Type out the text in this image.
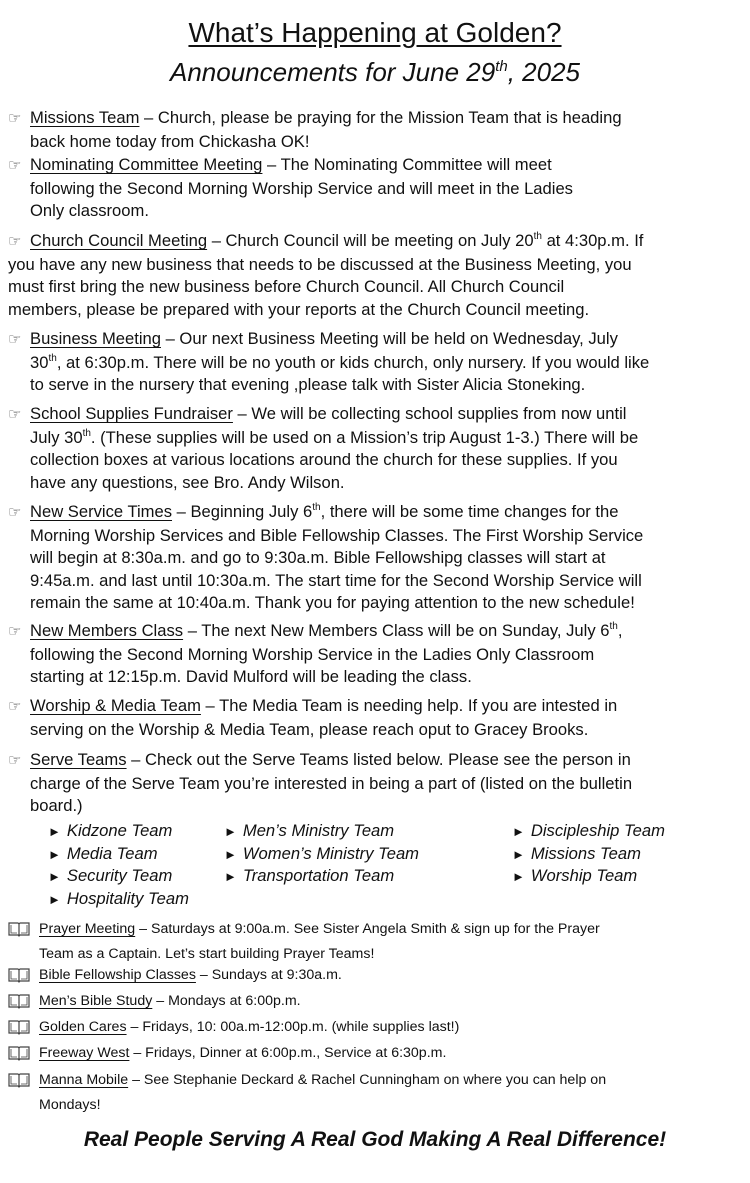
What’s Happening at Golden?
Announcements for June 29th, 2025
☞ Missions Team – Church, please be praying for the Mission Team that is heading
back home today from Chickasha OK!
☞ Nominating Committee Meeting – The Nominating Committee will meet
following the Second Morning Worship Service and will meet in the Ladies
Only classroom.
☞ Church Council Meeting – Church Council will be meeting on July 20th at 4:30p.m. If
you have any new business that needs to be discussed at the Business Meeting, you
must first bring the new business before Church Council. All Church Council
members, please be prepared with your reports at the Church Council meeting.
☞ Business Meeting – Our next Business Meeting will be held on Wednesday, July
30th, at 6:30p.m. There will be no youth or kids church, only nursery. If you would like
to serve in the nursery that evening ,please talk with Sister Alicia Stoneking.
☞ School Supplies Fundraiser – We will be collecting school supplies from now until
July 30th. (These supplies will be used on a Mission’s trip August 1-3.) There will be
collection boxes at various locations around the church for these supplies. If you
have any questions, see Bro. Andy Wilson.
☞ New Service Times – Beginning July 6th, there will be some time changes for the
Morning Worship Services and Bible Fellowship Classes. The First Worship Service
will begin at 8:30a.m. and go to 9:30a.m. Bible Fellowshipg classes will start at
9:45a.m. and last until 10:30a.m. The start time for the Second Worship Service will
remain the same at 10:40a.m. Thank you for paying attention to the new schedule!
☞ New Members Class – The next New Members Class will be on Sunday, July 6th,
following the Second Morning Worship Service in the Ladies Only Classroom
starting at 12:15p.m. David Mulford will be leading the class.
☞ Worship & Media Team – The Media Team is needing help. If you are intested in
serving on the Worship & Media Team, please reach oput to Gracey Brooks.
☞ Serve Teams – Check out the Serve Teams listed below. Please see the person in
charge of the Serve Team you’re interested in being a part of (listed on the bulletin
board.)
► Kidzone Team	► Men’s Ministry Team	► Discipleship Team
► Media Team	► Women’s Ministry Team	► Missions Team
► Security Team	► Transportation Team	► Worship Team
► Hospitality Team
Prayer Meeting – Saturdays at 9:00a.m. See Sister Angela Smith & sign up for the Prayer
Team as a Captain. Let’s start building Prayer Teams!
Bible Fellowship Classes – Sundays at 9:30a.m.
Men’s Bible Study – Mondays at 6:00p.m.
Golden Cares – Fridays, 10: 00a.m-12:00p.m. (while supplies last!)
Freeway West – Fridays, Dinner at 6:00p.m., Service at 6:30p.m.
Manna Mobile – See Stephanie Deckard & Rachel Cunningham on where you can help on
Mondays!
Real People Serving A Real God Making A Real Difference!
